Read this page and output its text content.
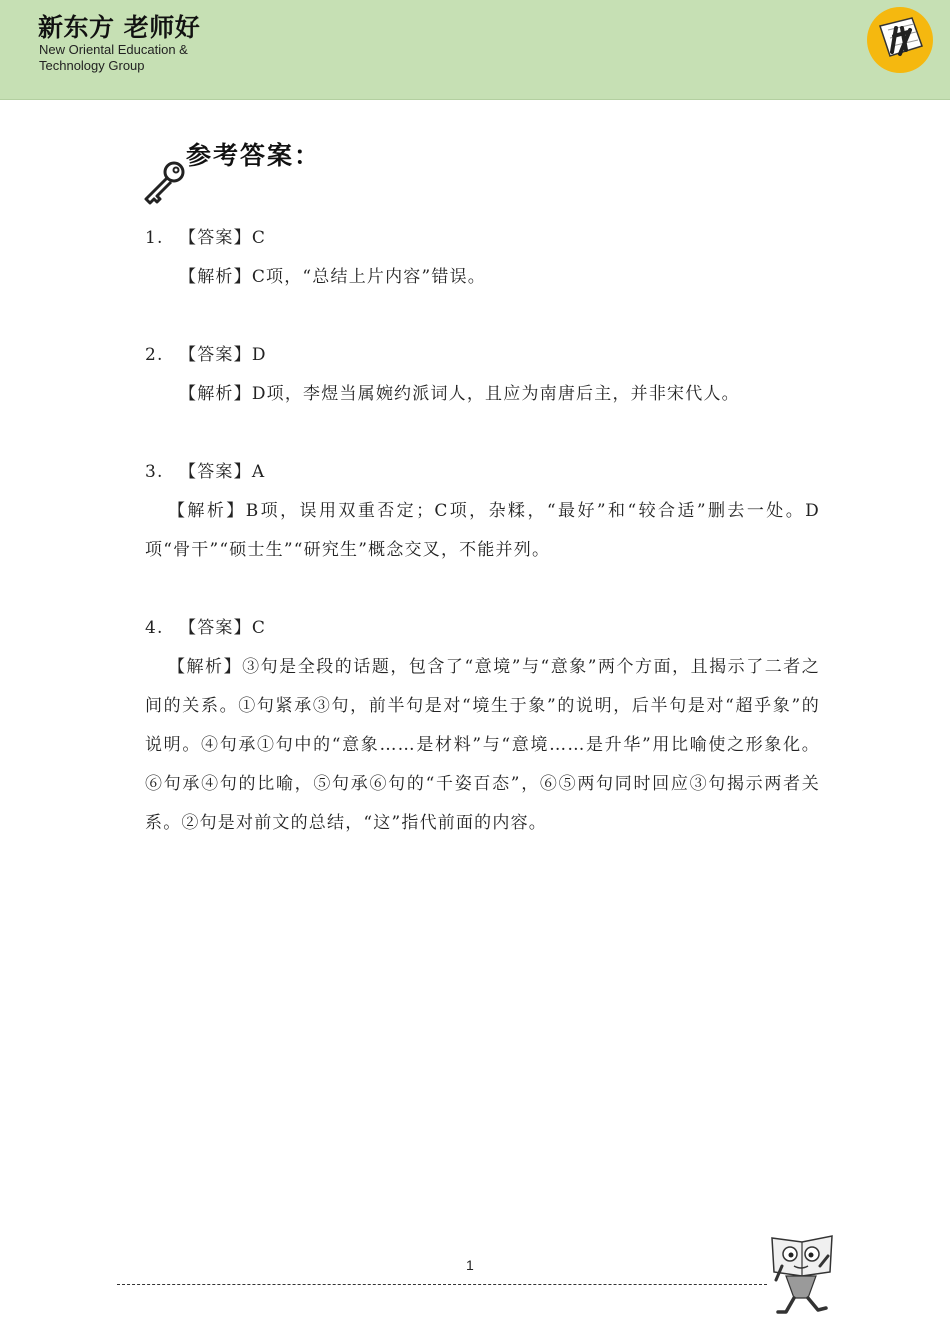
新东方 老师好
New Oriental Education &
Technology Group
参考答案：
1. 【答案】C
【解析】C项，“总结上片内容”错误。
2. 【答案】D
【解析】D项，李煜当属婉约派词人，且应为南唐后主，并非宋代人。
3. 【答案】A
【解析】B项，误用双重否定；C项，杂糅，“最好”和“较合适”删去一处。D项“骨干”“硕士生”“研究生”概念交叉，不能并列。
4. 【答案】C
【解析】③句是全段的话题，包含了“意境”与“意象”两个方面，且揭示了二者之间的关系。①句紧承③句，前半句是对“境生于象”的说明，后半句是对“超乎象”的说明。④句承①句中的“意象……是材料”与“意境……是升华”用比喻使之形象化。⑥句承④句的比喻，⑤句承⑥句的“千姿百态”，⑥⑤两句同时回应③句揭示两者关系。②句是对前文的总结，“这”指代前面的内容。
1
